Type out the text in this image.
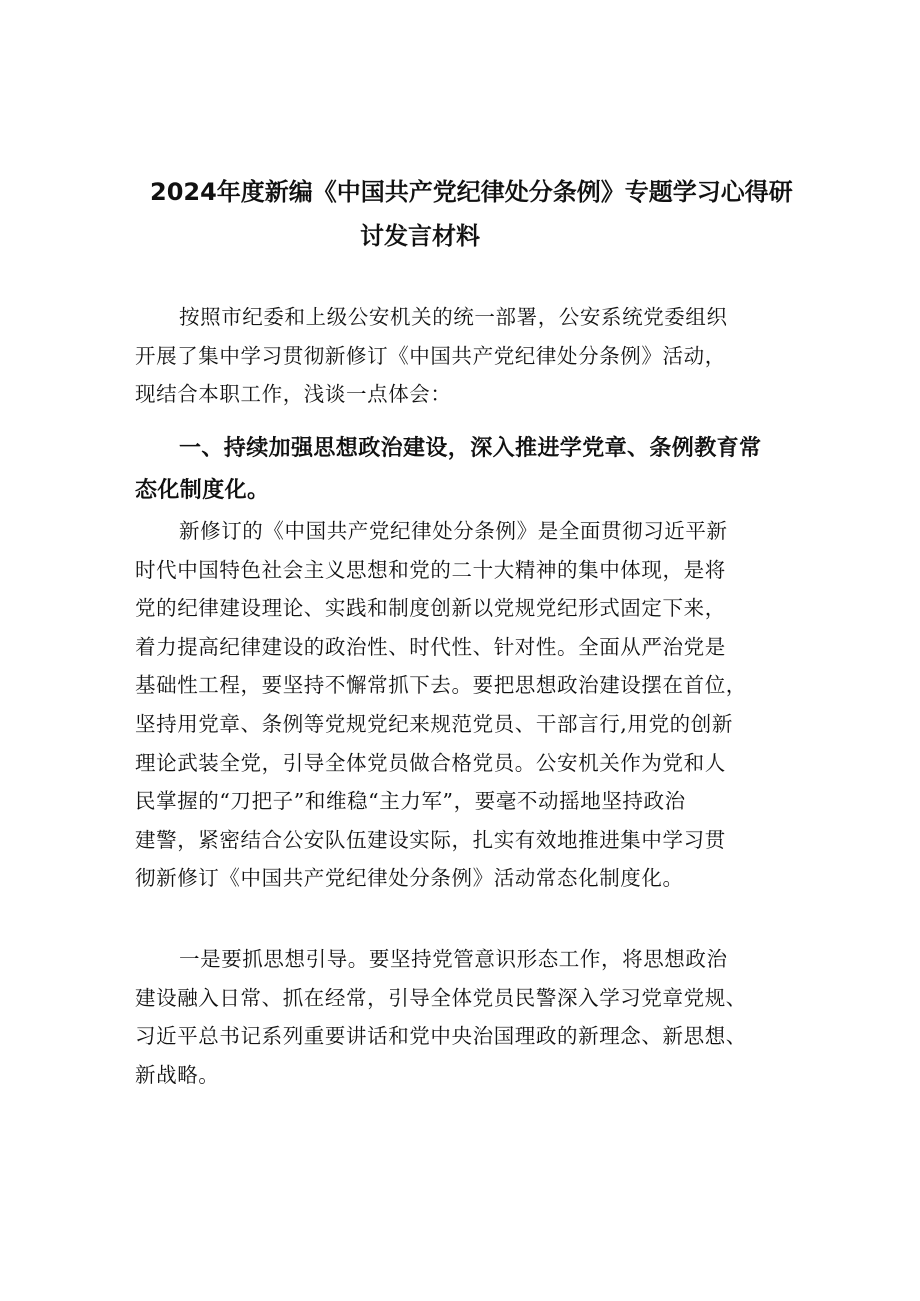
2024年度新编《中国共产党纪律处分条例》专题学习心得研
讨发言材料
按照市纪委和上级公安机关的统一部署，公安系统党委组织
开展了集中学习贯彻新修订《中国共产党纪律处分条例》活动，
现结合本职工作，浅谈一点体会：
一、持续加强思想政治建设，深入推进学党章、条例教育常
态化制度化。
新修订的《中国共产党纪律处分条例》是全面贯彻习近平新
时代中国特色社会主义思想和党的二十大精神的集中体现，是将
党的纪律建设理论、实践和制度创新以党规党纪形式固定下来，
着力提高纪律建设的政治性、时代性、针对性。全面从严治党是
基础性工程，要坚持不懈常抓下去。要把思想政治建设摆在首位，
坚持用党章、条例等党规党纪来规范党员、干部言行,用党的创新
理论武装全党，引导全体党员做合格党员。公安机关作为党和人
民掌握的“刀把子”和维稳“主力军”，要毫不动摇地坚持政治
建警，紧密结合公安队伍建设实际，扎实有效地推进集中学习贯
彻新修订《中国共产党纪律处分条例》活动常态化制度化。
一是要抓思想引导。要坚持党管意识形态工作，将思想政治
建设融入日常、抓在经常，引导全体党员民警深入学习党章党规、
习近平总书记系列重要讲话和党中央治国理政的新理念、新思想、
新战略。
